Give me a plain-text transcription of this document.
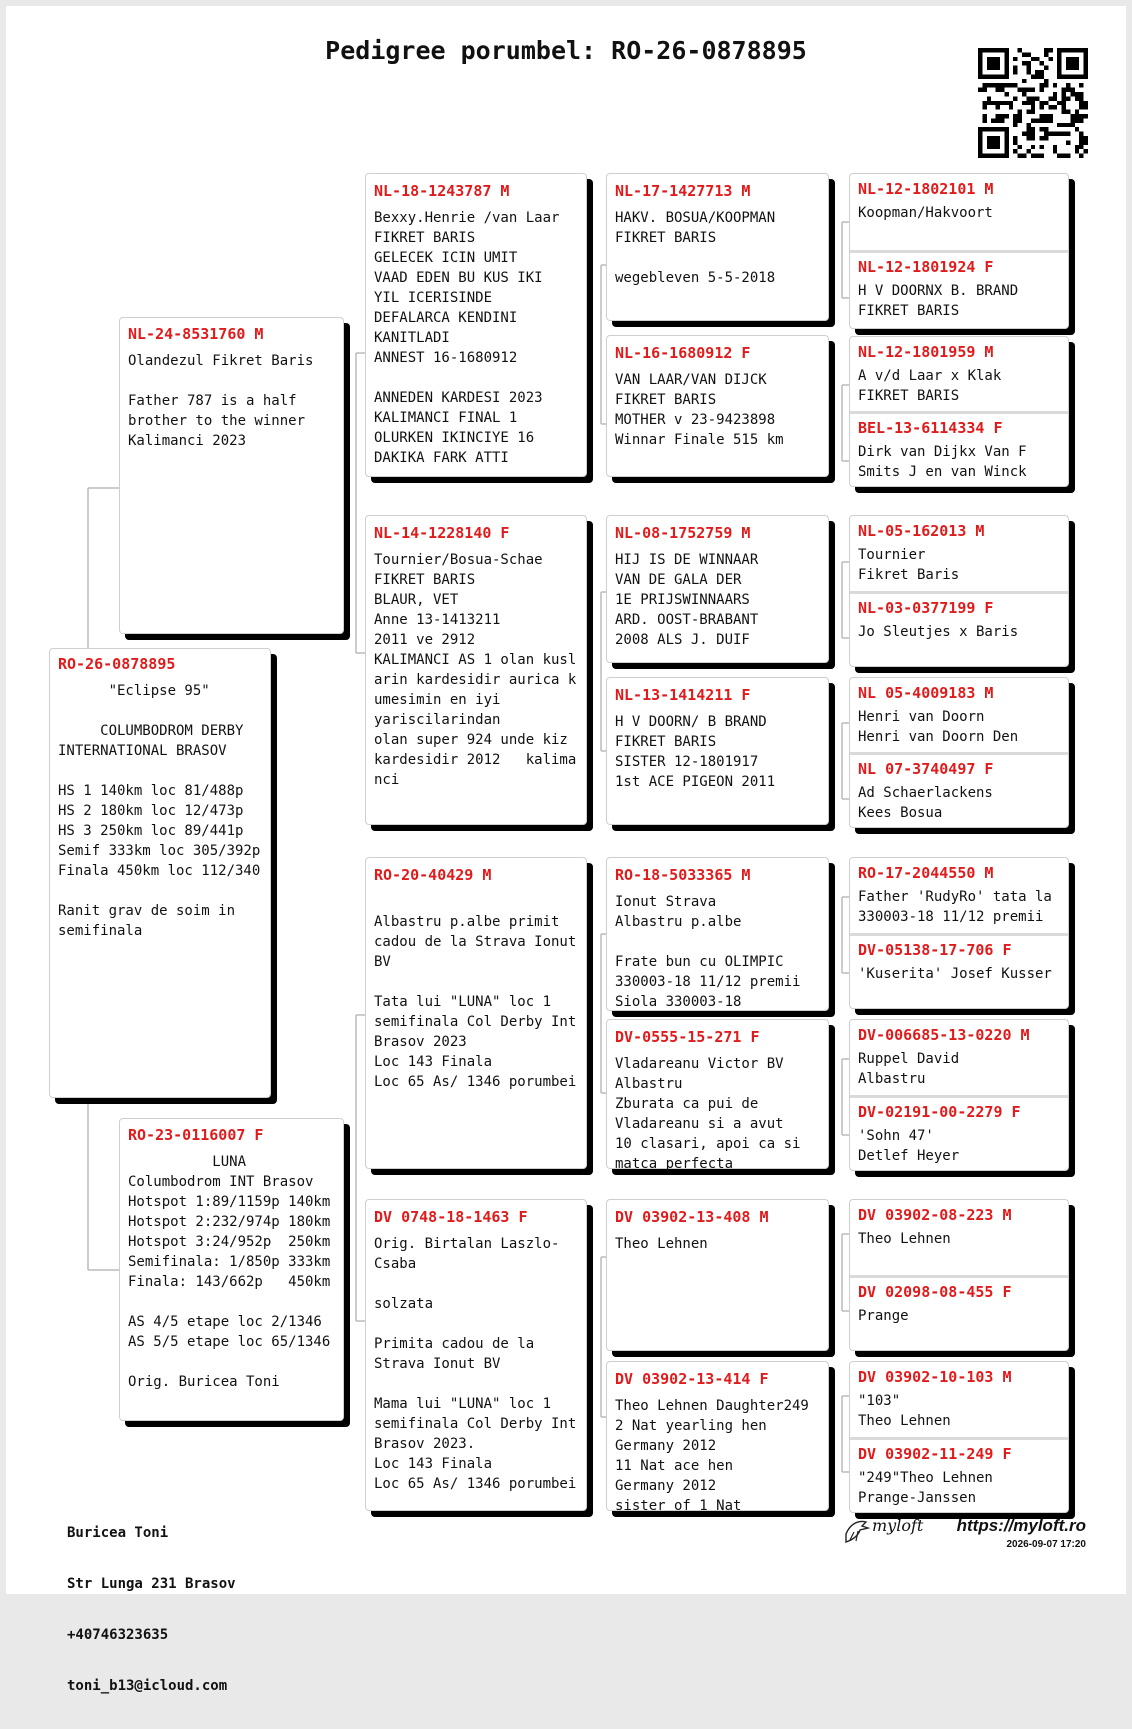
Pedigree porumbel: RO-26-0878895
RO-26-0878895
"Eclipse 95"

COLUMBODROM DERBY
INTERNATIONAL BRASOV

HS 1 140km loc 81/488p
HS 2 180km loc 12/473p
HS 3 250km loc 89/441p
Semif 333km loc 305/392p
Finala 450km loc 112/340

Ranit grav de soim in
semifinala
NL-24-8531760 M
Olandezul Fikret Baris

Father 787 is a half
brother to the winner
Kalimanci 2023
RO-23-0116007 F
LUNA
Columbodrom INT Brasov
Hotspot 1:89/1159p 140km
Hotspot 2:232/974p 180km
Hotspot 3:24/952p  250km
Semifinala: 1/850p 333km
Finala: 143/662p   450km

AS 4/5 etape loc 2/1346
AS 5/5 etape loc 65/1346

Orig. Buricea Toni
NL-18-1243787 M
Bexxy.Henrie /van Laar
FIKRET BARIS
GELECEK ICIN UMIT
VAAD EDEN BU KUS IKI
YIL ICERISINDE
DEFALARCA KENDINI
KANITLADI
ANNEST 16-1680912

ANNEDEN KARDESI 2023
KALIMANCI FINAL 1
OLURKEN IKINCIYE 16
DAKIKA FARK ATTI
NL-14-1228140 F
Tournier/Bosua-Schae
FIKRET BARIS
BLAUR, VET
Anne 13-1413211
2011 ve 2912
KALIMANCI AS 1 olan kusl
arin kardesidir aurica k
umesimin en iyi
yariscilarindan
olan super 924 unde kiz
kardesidir 2012   kalima
nci
RO-20-40429 M

Albastru p.albe primit
cadou de la Strava Ionut
BV

Tata lui "LUNA" loc 1
semifinala Col Derby Int
Brasov 2023
Loc 143 Finala
Loc 65 As/ 1346 porumbei
DV 0748-18-1463 F
Orig. Birtalan Laszlo-
Csaba

solzata

Primita cadou de la
Strava Ionut BV

Mama lui "LUNA" loc 1
semifinala Col Derby Int
Brasov 2023.
Loc 143 Finala
Loc 65 As/ 1346 porumbei
NL-17-1427713 M
HAKV. BOSUA/KOOPMAN
FIKRET BARIS

wegebleven 5-5-2018
NL-16-1680912 F
VAN LAAR/VAN DIJCK
FIKRET BARIS
MOTHER v 23-9423898
Winnar Finale 515 km
NL-08-1752759 M
HIJ IS DE WINNAAR
VAN DE GALA DER
1E PRIJSWINNAARS
ARD. OOST-BRABANT
2008 ALS J. DUIF
NL-13-1414211 F
H V DOORN/ B BRAND
FIKRET BARIS
SISTER 12-1801917
1st ACE PIGEON 2011
RO-18-5033365 M
Ionut Strava
Albastru p.albe

Frate bun cu OLIMPIC
330003-18 11/12 premii
Siola 330003-18
DV-0555-15-271 F
Vladareanu Victor BV
Albastru
Zburata ca pui de
Vladareanu si a avut
10 clasari, apoi ca si
matca perfecta
DV 03902-13-408 M
Theo Lehnen
DV 03902-13-414 F
Theo Lehnen Daughter249
2 Nat yearling hen
Germany 2012
11 Nat ace hen
Germany 2012
sister of 1 Nat
NL-12-1802101 M
Koopman/Hakvoort
NL-12-1801924 F
H V DOORNX B. BRAND
FIKRET BARIS
NL-12-1801959 M
A v/d Laar x Klak
FIKRET BARIS
BEL-13-6114334 F
Dirk van Dijkx Van F
Smits J en van Winck
NL-05-162013 M
Tournier
Fikret Baris
NL-03-0377199 F
Jo Sleutjes x Baris
NL 05-4009183 M
Henri van Doorn
Henri van Doorn Den
NL 07-3740497 F
Ad Schaerlackens
Kees Bosua
RO-17-2044550 M
Father 'RudyRo' tata la
330003-18 11/12 premii
DV-05138-17-706 F
'Kuserita' Josef Kusser
DV-006685-13-0220 M
Ruppel David
Albastru
DV-02191-00-2279 F
'Sohn 47'
Detlef Heyer
DV 03902-08-223 M
Theo Lehnen
DV 02098-08-455 F
Prange
DV 03902-10-103 M
"103"
Theo Lehnen
DV 03902-11-249 F
"249"Theo Lehnen
Prange-Janssen

Buricea Toni

Str Lunga 231 Brasov

+40746323635

toni_b13@icloud.com

myloft https://myloft.ro
2026-09-07 17:20
